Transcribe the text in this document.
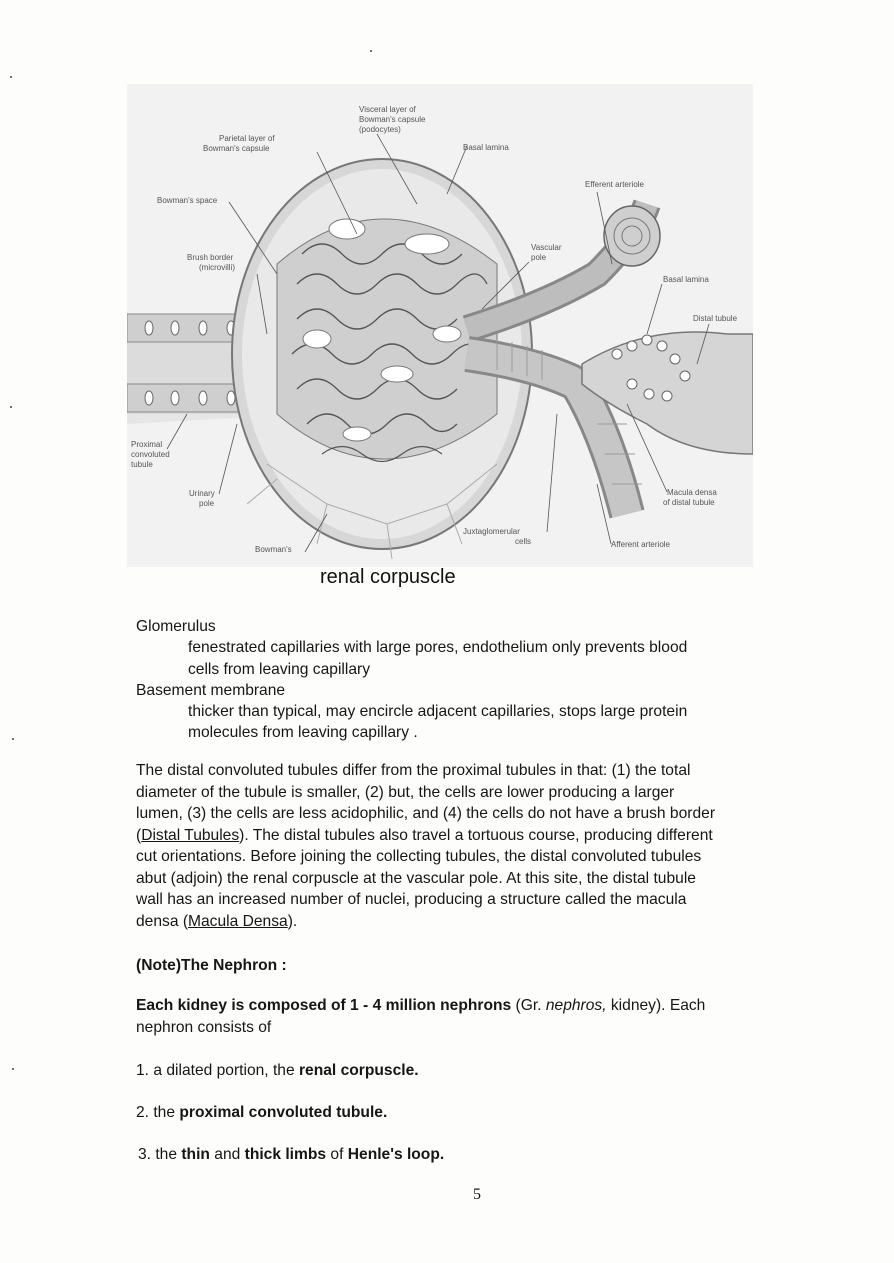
Visceral layer of
Bowman's capsule
(podocytes)
Parietal layer of
Bowman's capsule	Basal lamina
Efferent arteriole
Bowman's space
Brush border
(microvilli)
Vascular
pole
Basal lamina
Distal tubule
Proximal
convoluted
tubule
Urinary
pole
Macula densa
of distal tubule
Juxtaglomerular
cells	Afferent arteriole
Bowman's
renal corpuscle

Glomerulus

fenestrated capillaries with large pores, endothelium only prevents blood

cells from leaving capillary

Basement membrane

thicker than typical, may encircle adjacent capillaries, stops large protein

molecules from leaving capillary .

The distal convoluted tubules differ from the proximal tubules in that: (1) the total

diameter of the tubule is smaller, (2) but, the cells are lower producing a larger

lumen, (3) the cells are less acidophilic, and (4) the cells do not have a brush border

(Distal Tubules). The distal tubules also travel a tortuous course, producing different

cut orientations. Before joining the collecting tubules, the distal convoluted tubules

abut (adjoin) the renal corpuscle at the vascular pole. At this site, the distal tubule

wall has an increased number of nuclei, producing a structure called the macula

densa (Macula Densa).

(Note)The Nephron :

Each kidney is composed of 1 - 4 million nephrons (Gr. nephros, kidney). Each

nephron consists of

1. a dilated portion, the renal corpuscle.

2. the proximal convoluted tubule.

3. the thin and thick limbs of Henle's loop.

5
